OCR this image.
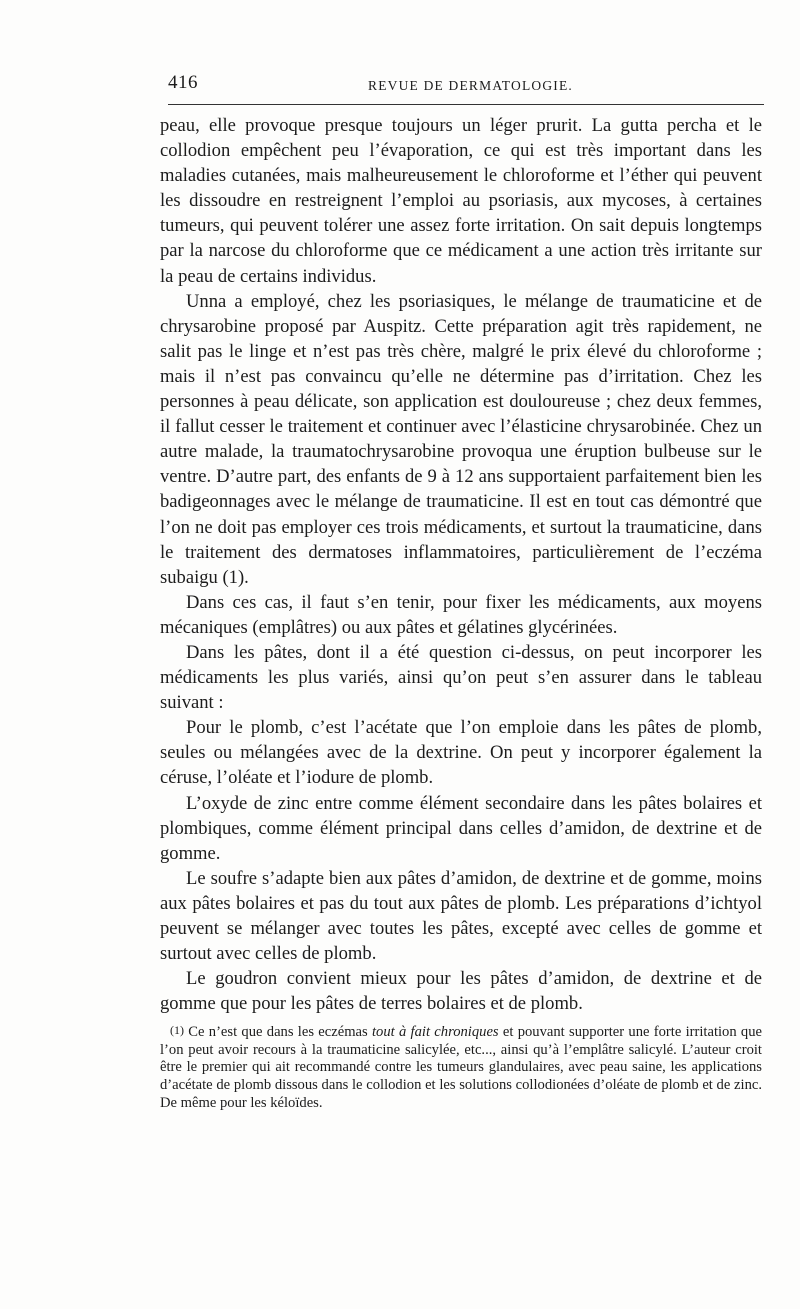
416	REVUE DE DERMATOLOGIE.

peau, elle provoque presque toujours un léger prurit. La gutta percha et le collodion empêchent peu l’évaporation, ce qui est très important dans les maladies cutanées, mais malheureusement le chloroforme et l’éther qui peuvent les dissoudre en restreignent l’emploi au psoriasis, aux mycoses, à certaines tumeurs, qui peuvent tolérer une assez forte irritation. On sait depuis longtemps par la narcose du chloroforme que ce médicament a une action très irritante sur la peau de certains individus.

Unna a employé, chez les psoriasiques, le mélange de traumaticine et de chrysarobine proposé par Auspitz. Cette préparation agit très rapidement, ne salit pas le linge et n’est pas très chère, malgré le prix élevé du chloroforme ; mais il n’est pas convaincu qu’elle ne détermine pas d’irritation. Chez les personnes à peau délicate, son application est douloureuse ; chez deux femmes, il fallut cesser le traitement et continuer avec l’élasticine chrysarobinée. Chez un autre malade, la traumatochrysarobine provoqua une éruption bulbeuse sur le ventre. D’autre part, des enfants de 9 à 12 ans supportaient parfaitement bien les badigeonnages avec le mélange de traumaticine. Il est en tout cas démontré que l’on ne doit pas employer ces trois médicaments, et surtout la traumaticine, dans le traitement des dermatoses inflammatoires, particulièrement de l’eczéma subaigu (1).

Dans ces cas, il faut s’en tenir, pour fixer les médicaments, aux moyens mécaniques (emplâtres) ou aux pâtes et gélatines glycérinées.

Dans les pâtes, dont il a été question ci-dessus, on peut incorporer les médicaments les plus variés, ainsi qu’on peut s’en assurer dans le tableau suivant :

Pour le plomb, c’est l’acétate que l’on emploie dans les pâtes de plomb, seules ou mélangées avec de la dextrine. On peut y incorporer également la céruse, l’oléate et l’iodure de plomb.

L’oxyde de zinc entre comme élément secondaire dans les pâtes bolaires et plombiques, comme élément principal dans celles d’amidon, de dextrine et de gomme.

Le soufre s’adapte bien aux pâtes d’amidon, de dextrine et de gomme, moins aux pâtes bolaires et pas du tout aux pâtes de plomb. Les préparations d’ichtyol peuvent se mélanger avec toutes les pâtes, excepté avec celles de gomme et surtout avec celles de plomb.

Le goudron convient mieux pour les pâtes d’amidon, de dextrine et de gomme que pour les pâtes de terres bolaires et de plomb.

(1) Ce n’est que dans les eczémas tout à fait chroniques et pouvant supporter une forte irritation que l’on peut avoir recours à la traumaticine salicylée, etc..., ainsi qu’à l’emplâtre salicylé. L’auteur croit être le premier qui ait recommandé contre les tumeurs glandulaires, avec peau saine, les applications d’acétate de plomb dissous dans le collodion et les solutions collodionées d’oléate de plomb et de zinc. De même pour les kéloïdes.
